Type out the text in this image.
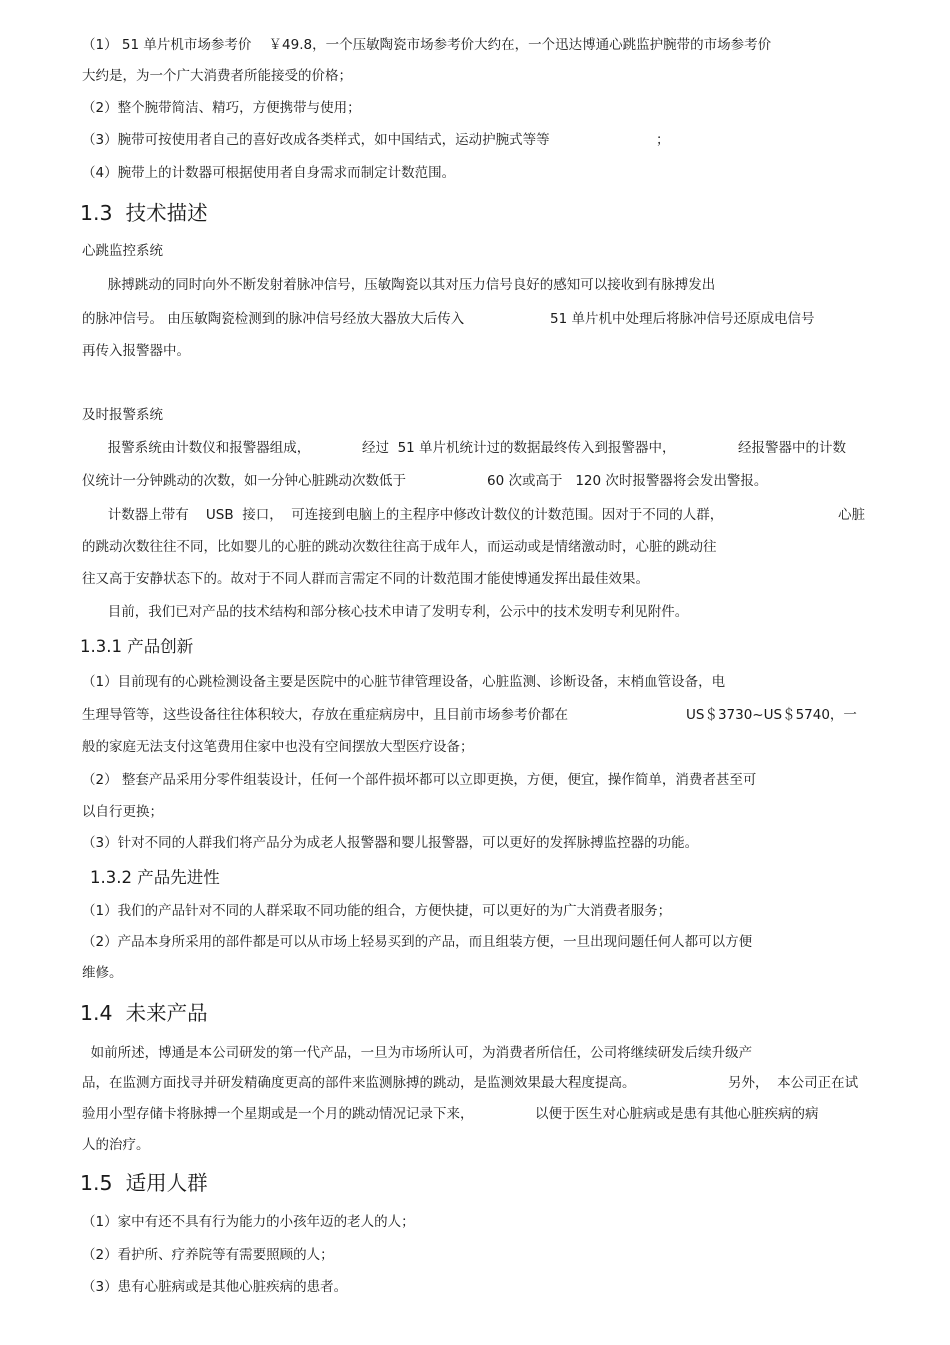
（1） 51 单片机市场参考价    ￥49.8，一个压敏陶瓷市场参考价大约在，一个迅达博通心跳监护腕带的市场参考价

大约是，为一个广大消费者所能接受的价格；

（2）整个腕带简洁、精巧，方便携带与使用；

（3）腕带可按使用者自己的喜好改成各类样式，如中国结式，运动护腕式等等	；

（4）腕带上的计数器可根据使用者自身需求而制定计数范围。

1.3  技术描述

心跳监控系统

脉搏跳动的同时向外不断发射着脉冲信号，压敏陶瓷以其对压力信号良好的感知可以接收到有脉搏发出

的脉冲信号。 由压敏陶瓷检测到的脉冲信号经放大器放大后传入	51 单片机中处理后将脉冲信号还原成电信号

再传入报警器中。

及时报警系统

报警系统由计数仪和报警器组成，	经过  51 单片机统计过的数据最终传入到报警器中，	经报警器中的计数

仪统计一分钟跳动的次数，如一分钟心脏跳动次数低于	60 次或高于   120 次时报警器将会发出警报。

计数器上带有    USB  接口，  可连接到电脑上的主程序中修改计数仪的计数范围。因对于不同的人群，	心脏

的跳动次数往往不同，比如婴儿的心脏的跳动次数往往高于成年人，而运动或是情绪激动时，心脏的跳动往

往又高于安静状态下的。故对于不同人群而言需定不同的计数范围才能使博通发挥出最佳效果。

目前，我们已对产品的技术结构和部分核心技术申请了发明专利，公示中的技术发明专利见附件。

1.3.1 产品创新

（1）目前现有的心跳检测设备主要是医院中的心脏节律管理设备，心脏监测、诊断设备，末梢血管设备，电

生理导管等，这些设备往往体积较大，存放在重症病房中，且目前市场参考价都在	US＄3730~US＄5740，一

般的家庭无法支付这笔费用住家中也没有空间摆放大型医疗设备；

（2） 整套产品采用分零件组装设计，任何一个部件损坏都可以立即更换，方便，便宜，操作简单，消费者甚至可

以自行更换；

（3）针对不同的人群我们将产品分为成老人报警器和婴儿报警器，可以更好的发挥脉搏监控器的功能。

1.3.2 产品先进性

（1）我们的产品针对不同的人群采取不同功能的组合，方便快捷，可以更好的为广大消费者服务；

（2）产品本身所采用的部件都是可以从市场上轻易买到的产品，而且组装方便，一旦出现问题任何人都可以方便

维修。

1.4  未来产品

如前所述，博通是本公司研发的第一代产品，一旦为市场所认可，为消费者所信任，公司将继续研发后续升级产

品，在监测方面找寻并研发精确度更高的部件来监测脉搏的跳动，是监测效果最大程度提高。	另外，  本公司正在试

验用小型存储卡将脉搏一个星期或是一个月的跳动情况记录下来，	以便于医生对心脏病或是患有其他心脏疾病的病

人的治疗。

1.5  适用人群

（1）家中有还不具有行为能力的小孩年迈的老人的人；

（2）看护所、疗养院等有需要照顾的人；

（3）患有心脏病或是其他心脏疾病的患者。
